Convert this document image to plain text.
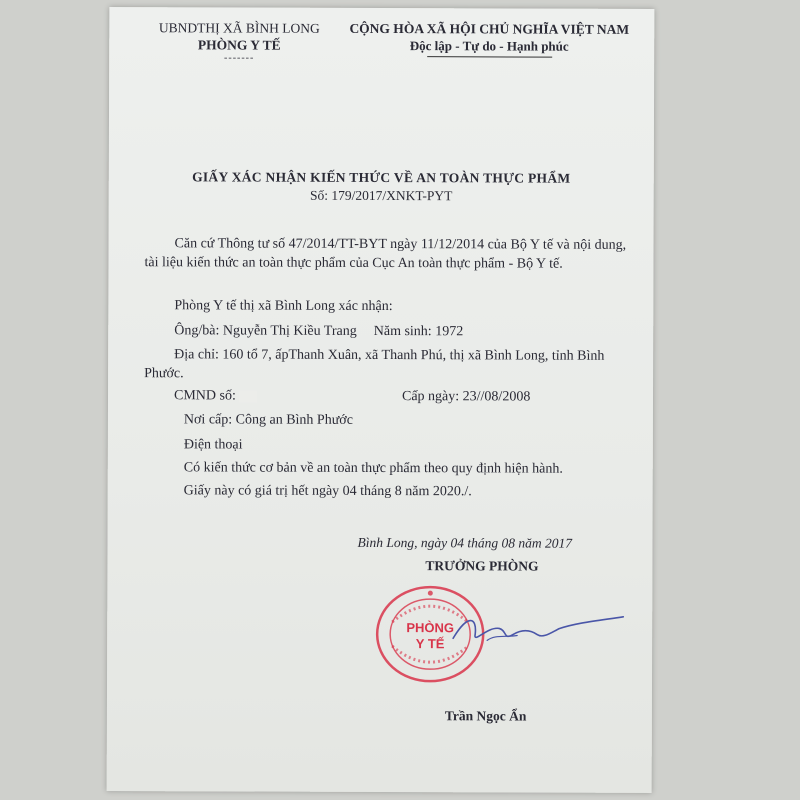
UBNDTHỊ XÃ BÌNH LONG
PHÒNG Y TẾ
-------
CỘNG HÒA XÃ HỘI CHỦ NGHĨA VIỆT NAM
Độc lập - Tự do - Hạnh phúc
GIẤY XÁC NHẬN KIẾN THỨC VỀ AN TOÀN THỰC PHẨM
Số: 179/2017/XNKT-PYT
Căn cứ Thông tư số 47/2014/TT-BYT ngày 11/12/2014 của Bộ Y tế và nội dung, tài liệu kiến thức an toàn thực phẩm của Cục An toàn thực phẩm - Bộ Y tế.
Phòng Y tế thị xã Bình Long xác nhận:
Ông/bà: Nguyễn Thị Kiều Trang Năm sinh: 1972
Địa chỉ: 160 tổ 7, ấpThanh Xuân, xã Thanh Phú, thị xã Bình Long, tỉnh Bình
Phước.
CMND số:	Cấp ngày: 23//08/2008
Nơi cấp: Công an Bình Phước
Điện thoại
Có kiến thức cơ bản về an toàn thực phẩm theo quy định hiện hành.
Giấy này có giá trị hết ngày 04 tháng 8 năm 2020./.
Bình Long, ngày 04 tháng 08 năm 2017
TRƯỞNG PHÒNG
PHÒNG
Y TẾ
Trần Ngọc Ẩn
